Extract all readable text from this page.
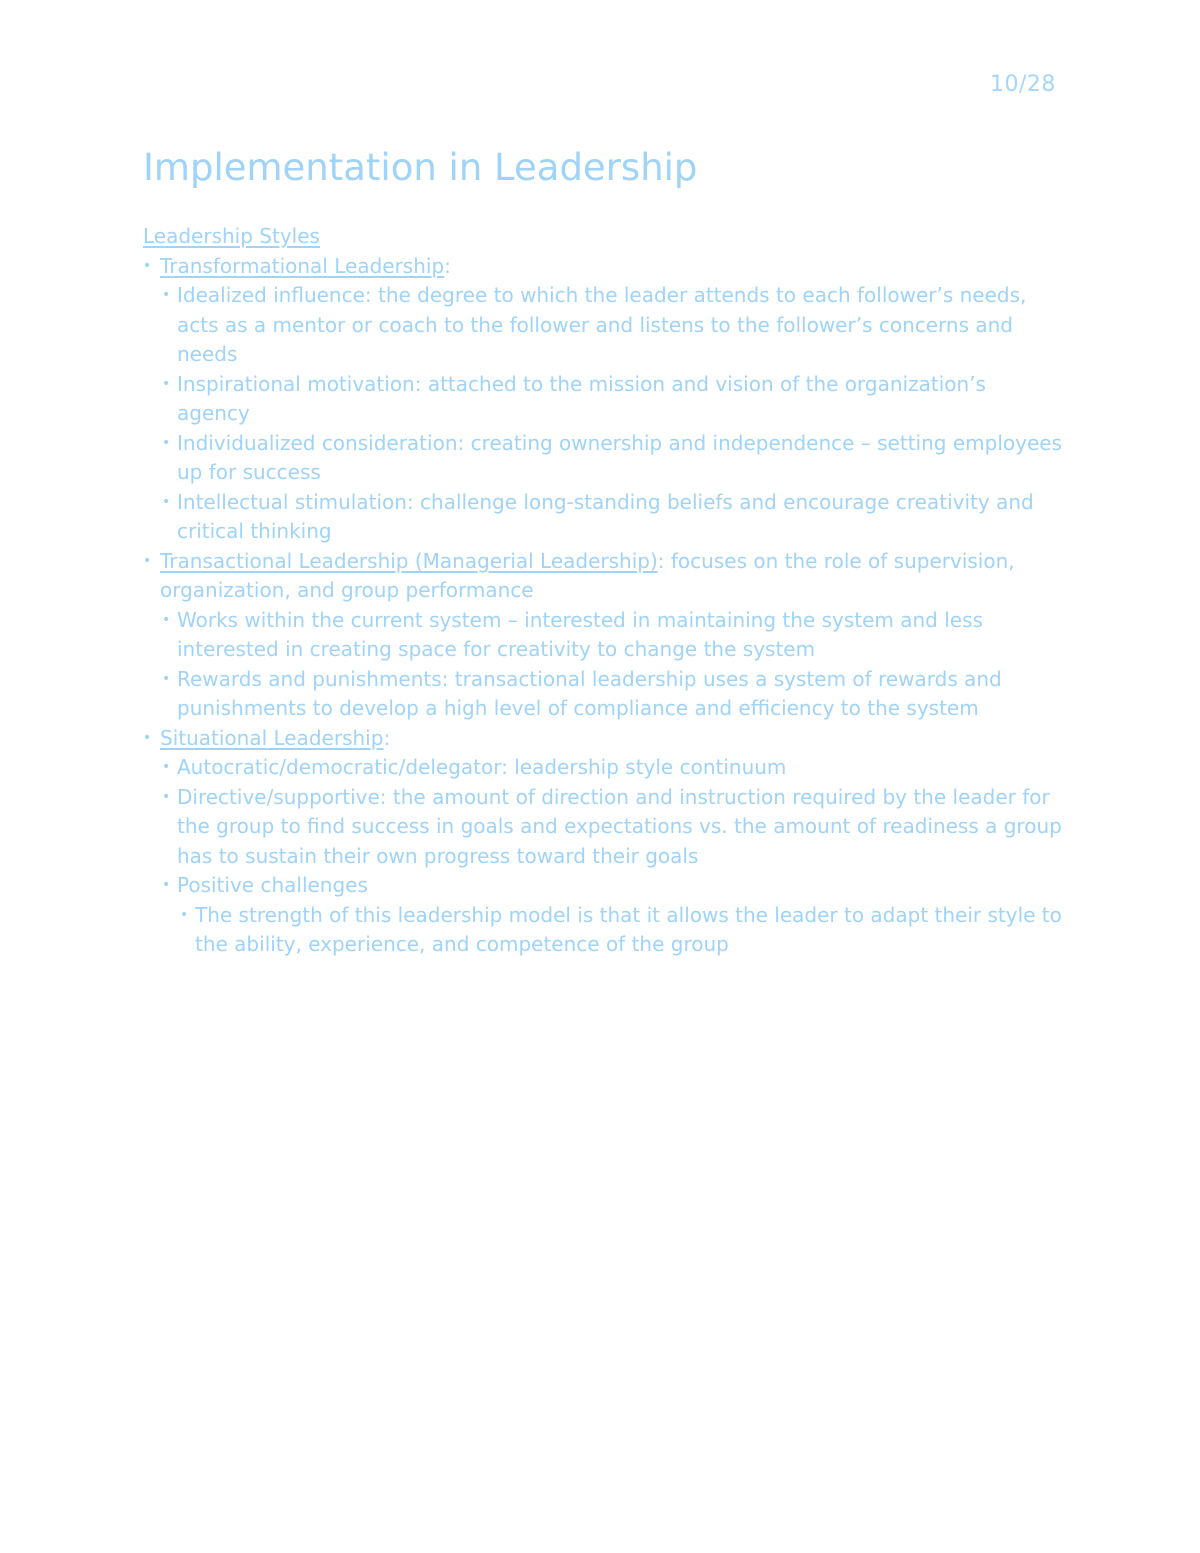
10/28
Implementation in Leadership
Leadership Styles
• Transformational Leadership:
• Idealized influence: the degree to which the leader attends to each follower’s needs, acts as a mentor or coach to the follower and listens to the follower’s concerns and needs
• Inspirational motivation: attached to the mission and vision of the organization’s agency
• Individualized consideration: creating ownership and independence – setting employees up for success
• Intellectual stimulation: challenge long-standing beliefs and encourage creativity and critical thinking
• Transactional Leadership (Managerial Leadership): focuses on the role of supervision, organization, and group performance
• Works within the current system – interested in maintaining the system and less interested in creating space for creativity to change the system
• Rewards and punishments: transactional leadership uses a system of rewards and punishments to develop a high level of compliance and efficiency to the system
• Situational Leadership:
• Autocratic/democratic/delegator: leadership style continuum
• Directive/supportive: the amount of direction and instruction required by the leader for the group to find success in goals and expectations vs. the amount of readiness a group has to sustain their own progress toward their goals
• Positive challenges
• The strength of this leadership model is that it allows the leader to adapt their style to the ability, experience, and competence of the group
